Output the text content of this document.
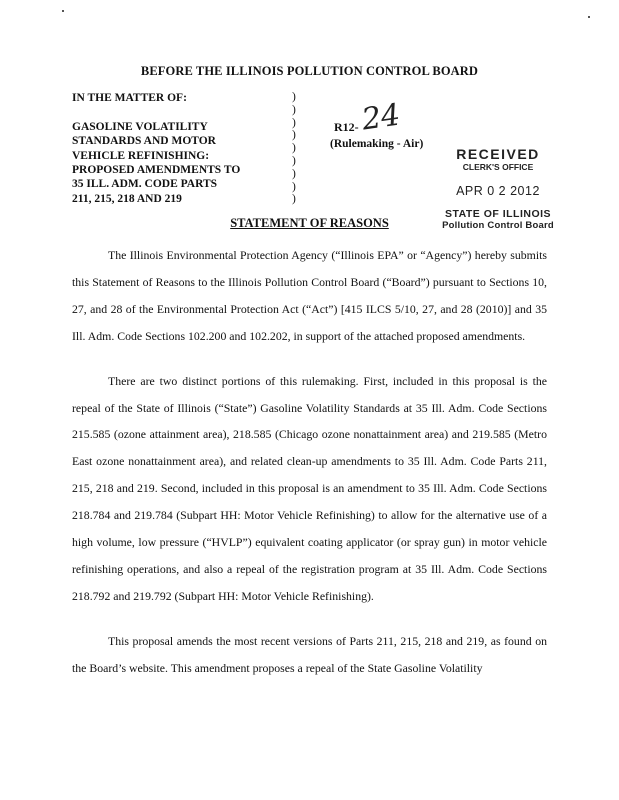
BEFORE THE ILLINOIS POLLUTION CONTROL BOARD
IN THE MATTER OF:
GASOLINE VOLATILITY
STANDARDS AND MOTOR
VEHICLE REFINISHING:
PROPOSED AMENDMENTS TO
35 ILL. ADM. CODE PARTS
211, 215, 218 AND 219
)
)
)
)
)
)
)
)
)
R12- 24
(Rulemaking - Air)
RECEIVED
CLERK'S OFFICE
APR 0 2 2012
STATE OF ILLINOIS
Pollution Control Board
STATEMENT OF REASONS

The Illinois Environmental Protection Agency (“Illinois EPA” or “Agency”) hereby submits this Statement of Reasons to the Illinois Pollution Control Board (“Board”) pursuant to Sections 10, 27, and 28 of the Environmental Protection Act (“Act”) [415 ILCS 5/10, 27, and 28 (2010)] and 35 Ill. Adm. Code Sections 102.200 and 102.202, in support of the attached proposed amendments.

There are two distinct portions of this rulemaking. First, included in this proposal is the repeal of the State of Illinois (“State”) Gasoline Volatility Standards at 35 Ill. Adm. Code Sections 215.585 (ozone attainment area), 218.585 (Chicago ozone nonattainment area) and 219.585 (Metro East ozone nonattainment area), and related clean-up amendments to 35 Ill. Adm. Code Parts 211, 215, 218 and 219. Second, included in this proposal is an amendment to 35 Ill. Adm. Code Sections 218.784 and 219.784 (Subpart HH: Motor Vehicle Refinishing) to allow for the alternative use of a high volume, low pressure (“HVLP”) equivalent coating applicator (or spray gun) in motor vehicle refinishing operations, and also a repeal of the registration program at 35 Ill. Adm. Code Sections 218.792 and 219.792 (Subpart HH: Motor Vehicle Refinishing).

This proposal amends the most recent versions of Parts 211, 215, 218 and 219, as found on the Board’s website. This amendment proposes a repeal of the State Gasoline Volatility
